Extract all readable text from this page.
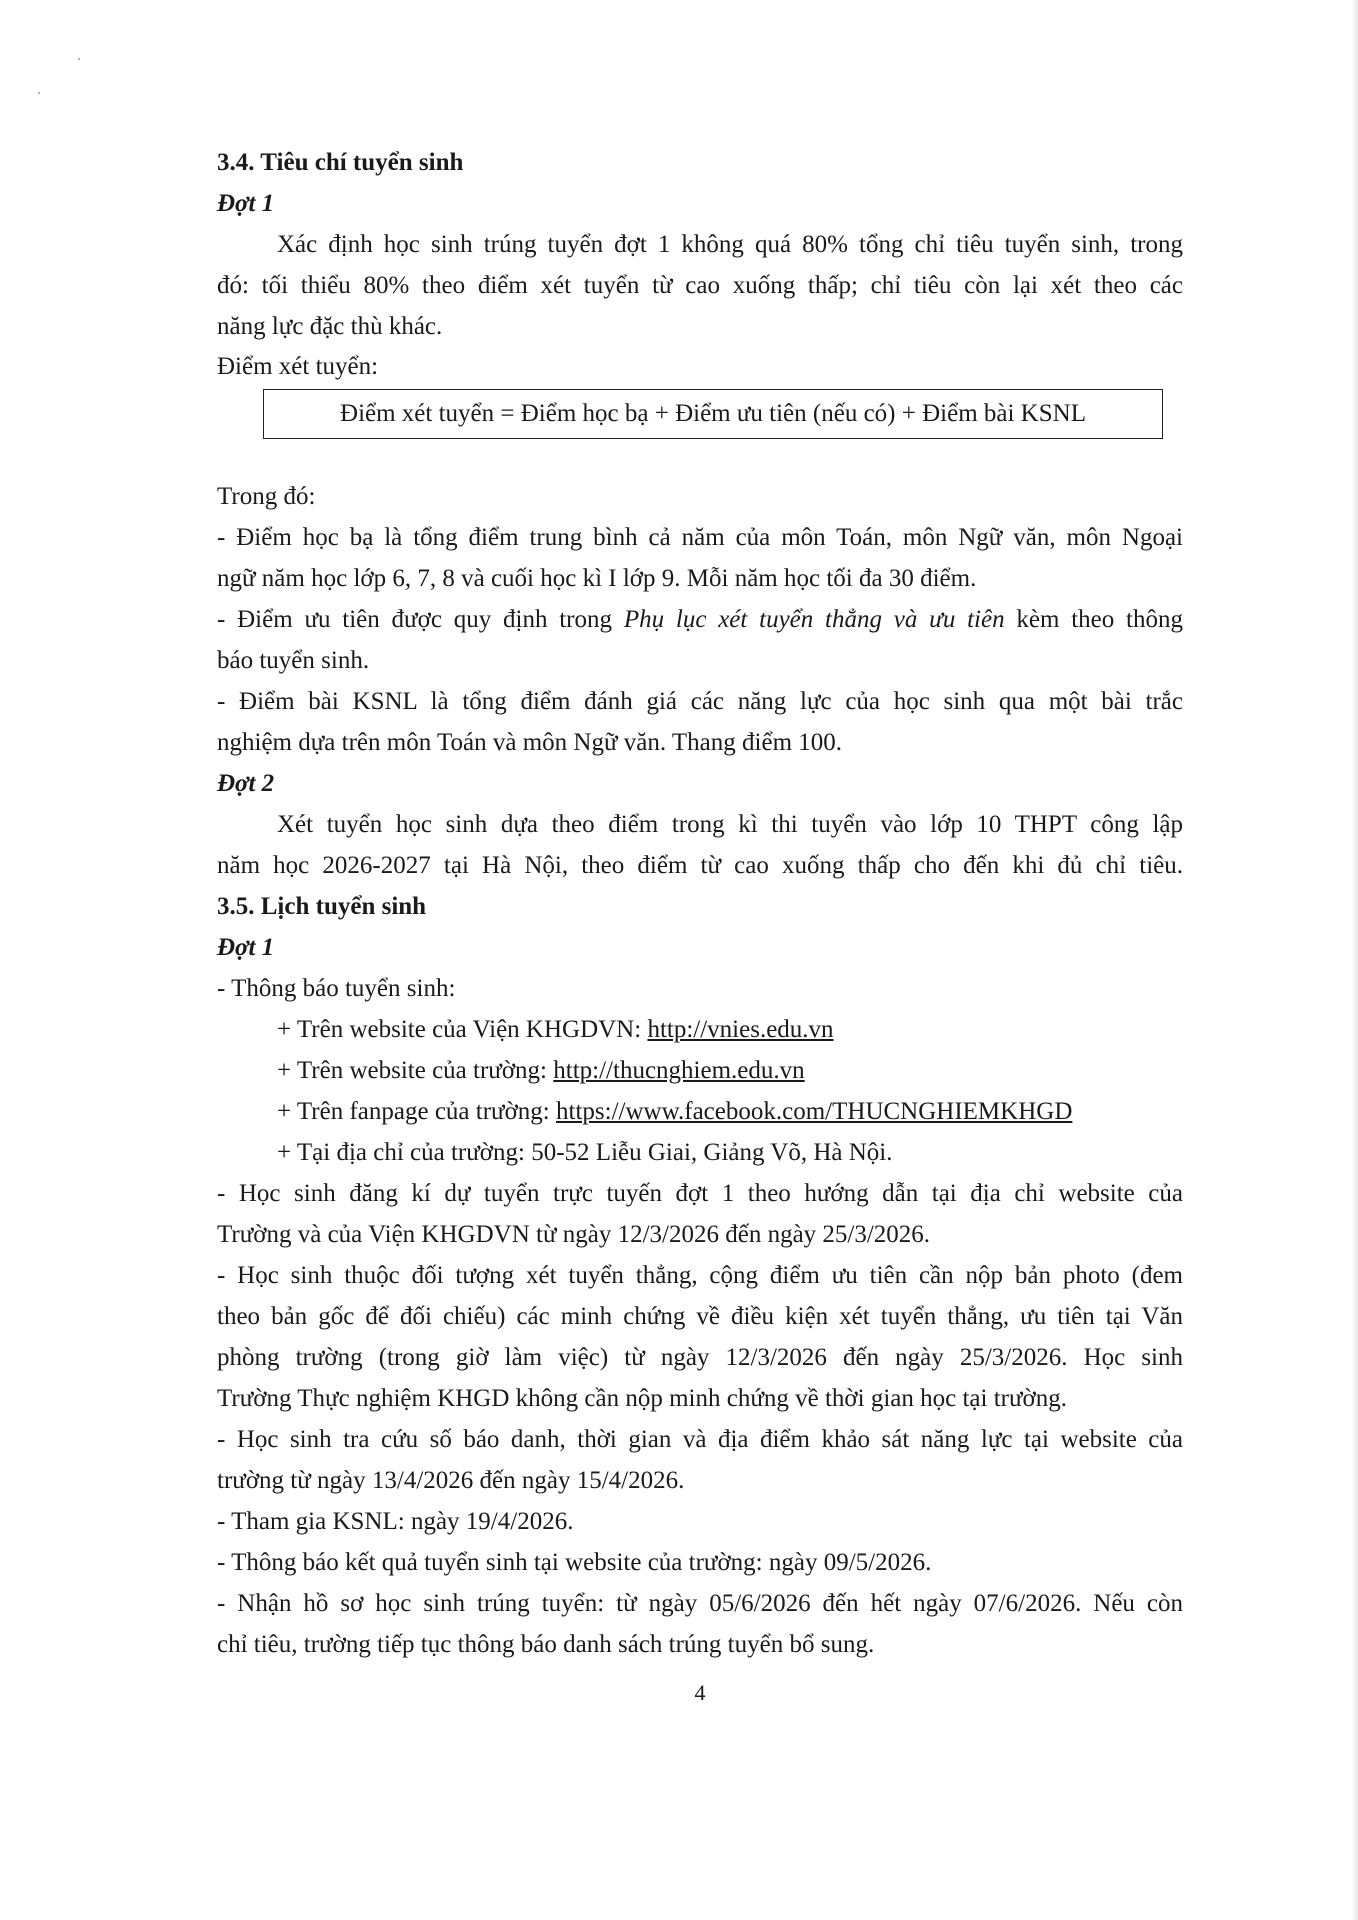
3.4. Tiêu chí tuyển sinh
Đợt 1
Xác định học sinh trúng tuyển đợt 1 không quá 80% tổng chỉ tiêu tuyển sinh, trong
đó: tối thiểu 80% theo điểm xét tuyển từ cao xuống thấp; chỉ tiêu còn lại xét theo các
năng lực đặc thù khác.
Điểm xét tuyển:
Điểm xét tuyển = Điểm học bạ + Điểm ưu tiên (nếu có) + Điểm bài KSNL
Trong đó:
- Điểm học bạ là tổng điểm trung bình cả năm của môn Toán, môn Ngữ văn, môn Ngoại
ngữ năm học lớp 6, 7, 8 và cuối học kì I lớp 9. Mỗi năm học tối đa 30 điểm.
- Điểm ưu tiên được quy định trong Phụ lục xét tuyển thẳng và ưu tiên kèm theo thông
báo tuyển sinh.
- Điểm bài KSNL là tổng điểm đánh giá các năng lực của học sinh qua một bài trắc
nghiệm dựa trên môn Toán và môn Ngữ văn. Thang điểm 100.
Đợt 2
Xét tuyển học sinh dựa theo điểm trong kì thi tuyển vào lớp 10 THPT công lập
năm học 2026-2027 tại Hà Nội, theo điểm từ cao xuống thấp cho đến khi đủ chỉ tiêu.
3.5. Lịch tuyển sinh
Đợt 1
- Thông báo tuyển sinh:
+ Trên website của Viện KHGDVN: http://vnies.edu.vn
+ Trên website của trường: http://thucnghiem.edu.vn
+ Trên fanpage của trường: https://www.facebook.com/THUCNGHIEMKHGD
+ Tại địa chỉ của trường: 50-52 Liễu Giai, Giảng Võ, Hà Nội.
- Học sinh đăng kí dự tuyển trực tuyến đợt 1 theo hướng dẫn tại địa chỉ website của
Trường và của Viện KHGDVN từ ngày 12/3/2026 đến ngày 25/3/2026.
- Học sinh thuộc đối tượng xét tuyển thẳng, cộng điểm ưu tiên cần nộp bản photo (đem
theo bản gốc để đối chiếu) các minh chứng về điều kiện xét tuyển thẳng, ưu tiên tại Văn
phòng trường (trong giờ làm việc) từ ngày 12/3/2026 đến ngày 25/3/2026. Học sinh
Trường Thực nghiệm KHGD không cần nộp minh chứng về thời gian học tại trường.
- Học sinh tra cứu số báo danh, thời gian và địa điểm khảo sát năng lực tại website của
trường từ ngày 13/4/2026 đến ngày 15/4/2026.
- Tham gia KSNL: ngày 19/4/2026.
- Thông báo kết quả tuyển sinh tại website của trường: ngày 09/5/2026.
- Nhận hồ sơ học sinh trúng tuyển: từ ngày 05/6/2026 đến hết ngày 07/6/2026. Nếu còn
chỉ tiêu, trường tiếp tục thông báo danh sách trúng tuyển bổ sung.
4
